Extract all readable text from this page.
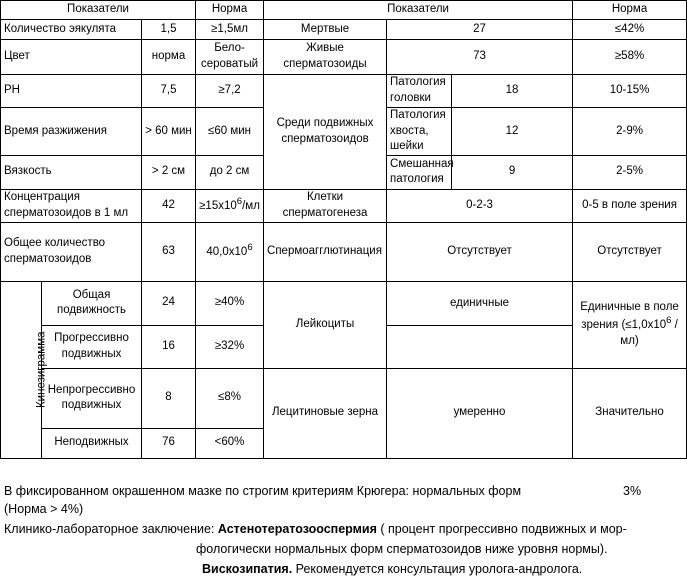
Показатели			Норма	Показатели			Норма
Количество эякулята		1,5	≥1,5мл	Мертвые	27		≤42%
Цвет		норма	Бело-сероватый	Живые сперматозоиды	73		≥58%
PH		7,5	≥7,2	Среди подвижных сперматозоидов	Патология головки	18	10-15%
Время разжижения		> 60 мин	≤60 мин		Патология хвоста, шейки	12	2-9%
Вязкость		> 2 см	до 2 см		Смешанная патология	9	2-5%
Концентрация сперматозоидов в 1 мл		42	$\ge 15х10^6/мл$	Клетки сперматогенеза	0-2-3		0-5 в поле зрения
Общее количество сперматозоидов		63	$40,0х10^6$	Спермоагглютинация	Отсутствует		Отсутствует
Кинезиграмма	Общая подвижность	24	≥40%	Лейкоциты	единичные		Единичные в поле зрения $(\le 1,0х10^6 / мл)$
	Прогрессивно подвижных	16	≥32%				
	Непрогрессивно подвижных	8	≤8%	Лецитиновые зерна	умеренно		Значительно
	Неподвижных	76	<60%				
В фиксированном окрашенном мазке по строгим критериям Крюгера: нормальных форм	3%
(Норма > 4%)
Клинико-лабораторное заключение: Астенотератозооспермия ( процент прогрессивно подвижных и мор-
фологически нормальных форм сперматозоидов ниже уровня нормы).
Вискозипатия. Рекомендуется консультация уролога-андролога.
